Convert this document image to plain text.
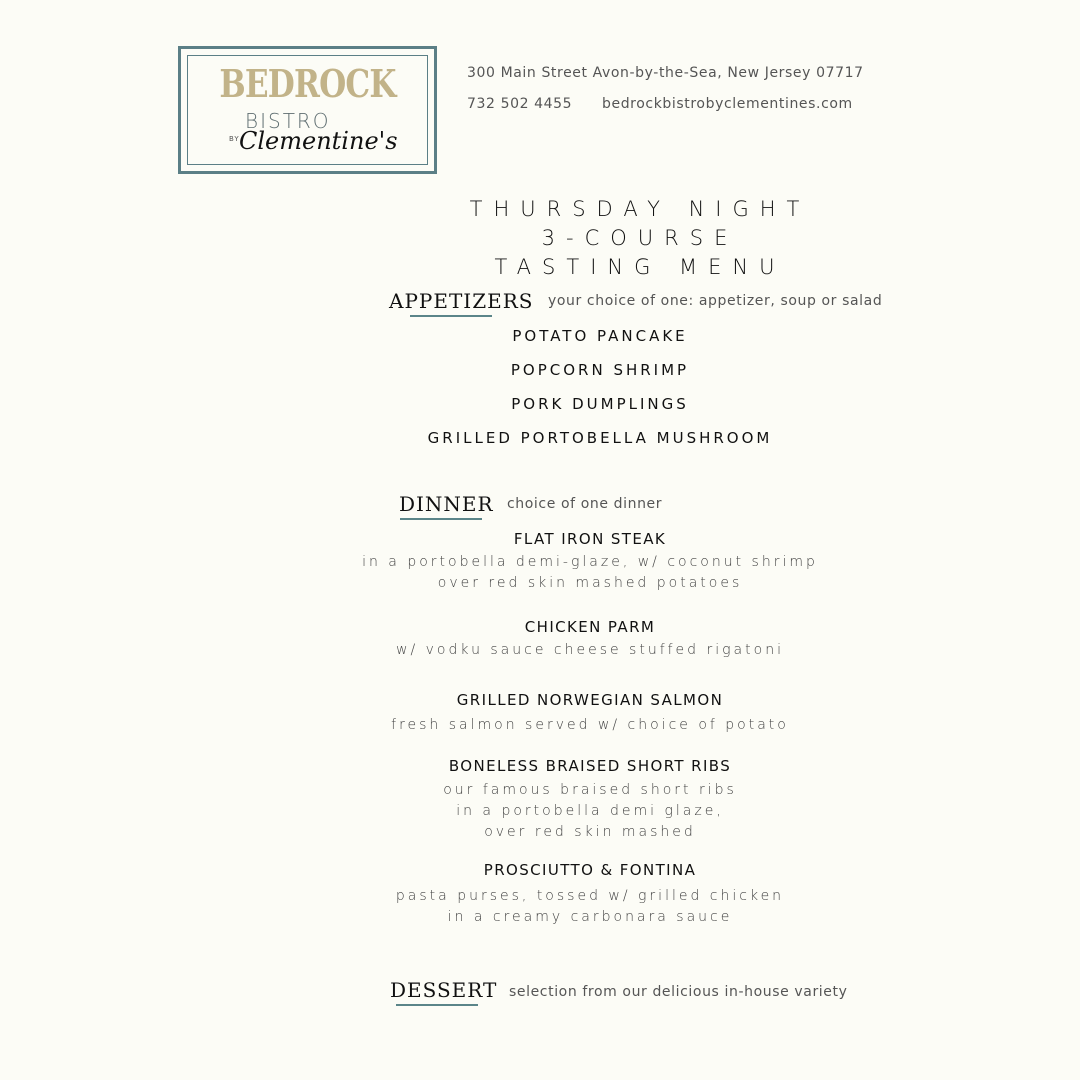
BEDROCK
BISTRO
BY Clementine's
300 Main Street Avon-by-the-Sea, New Jersey 07717
732 502 4455 bedrockbistrobyclementines.com
THURSDAY NIGHT
3-COURSE
TASTING MENU
APPETIZERS your choice of one: appetizer, soup or salad
POTATO PANCAKE
POPCORN SHRIMP
PORK DUMPLINGS
GRILLED PORTOBELLA MUSHROOM
DINNER choice of one dinner
FLAT IRON STEAK
in a portobella demi-glaze, w/ coconut shrimp
over red skin mashed potatoes
CHICKEN PARM
w/ vodku sauce cheese stuffed rigatoni
GRILLED NORWEGIAN SALMON
fresh salmon served w/ choice of potato
BONELESS BRAISED SHORT RIBS
our famous braised short ribs
in a portobella demi glaze,
over red skin mashed
PROSCIUTTO & FONTINA
pasta purses, tossed w/ grilled chicken
in a creamy carbonara sauce
DESSERT selection from our delicious in-house variety
